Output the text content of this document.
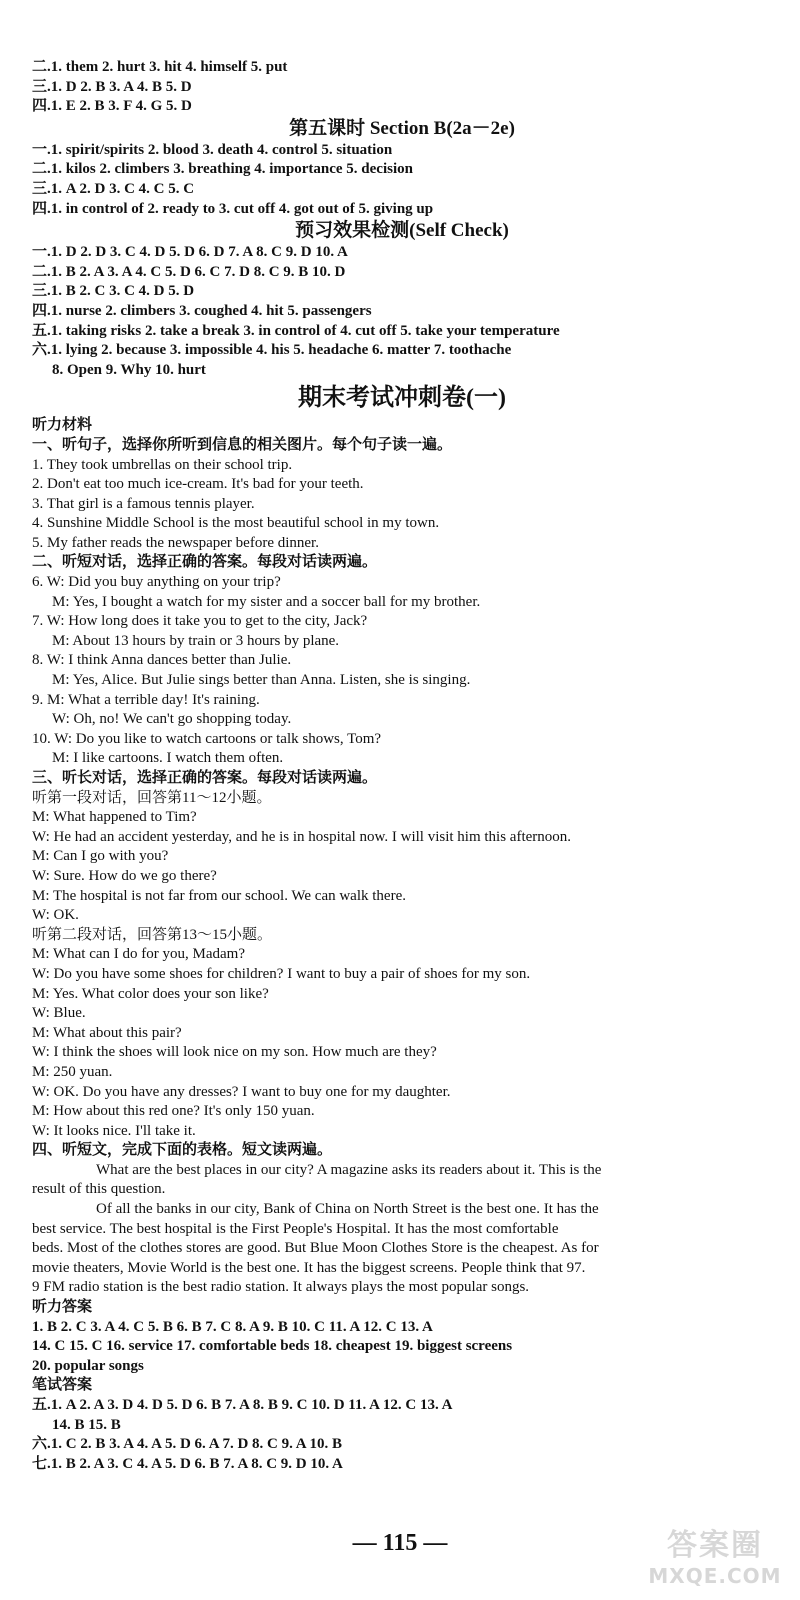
二.1. them 2. hurt 3. hit 4. himself 5. put
三.1. D 2. B 3. A 4. B 5. D
四.1. E 2. B 3. F 4. G 5. D
第五课时 Section B(2a－2e)
一.1. spirit/spirits 2. blood 3. death 4. control 5. situation
二.1. kilos 2. climbers 3. breathing 4. importance 5. decision
三.1. A 2. D 3. C 4. C 5. C
四.1. in control of 2. ready to 3. cut off 4. got out of 5. giving up
预习效果检测(Self Check)
一.1. D 2. D 3. C 4. D 5. D 6. D 7. A 8. C 9. D 10. A
二.1. B 2. A 3. A 4. C 5. D 6. C 7. D 8. C 9. B 10. D
三.1. B 2. C 3. C 4. D 5. D
四.1. nurse 2. climbers 3. coughed 4. hit 5. passengers
五.1. taking risks 2. take a break 3. in control of 4. cut off 5. take your temperature
六.1. lying 2. because 3. impossible 4. his 5. headache 6. matter 7. toothache
8. Open 9. Why 10. hurt
期末考试冲刺卷(一)
听力材料
一、听句子，选择你所听到信息的相关图片。每个句子读一遍。
1. They took umbrellas on their school trip.
2. Don't eat too much ice-cream. It's bad for your teeth.
3. That girl is a famous tennis player.
4. Sunshine Middle School is the most beautiful school in my town.
5. My father reads the newspaper before dinner.
二、听短对话，选择正确的答案。每段对话读两遍。
6. W: Did you buy anything on your trip?
M: Yes, I bought a watch for my sister and a soccer ball for my brother.
7. W: How long does it take you to get to the city, Jack?
M: About 13 hours by train or 3 hours by plane.
8. W: I think Anna dances better than Julie.
M: Yes, Alice. But Julie sings better than Anna. Listen, she is singing.
9. M: What a terrible day! It's raining.
W: Oh, no! We can't go shopping today.
10. W: Do you like to watch cartoons or talk shows, Tom?
M: I like cartoons. I watch them often.
三、听长对话，选择正确的答案。每段对话读两遍。
听第一段对话，回答第11～12小题。
M: What happened to Tim?
W: He had an accident yesterday, and he is in hospital now. I will visit him this afternoon.
M: Can I go with you?
W: Sure. How do we go there?
M: The hospital is not far from our school. We can walk there.
W: OK.
听第二段对话，回答第13～15小题。
M: What can I do for you, Madam?
W: Do you have some shoes for children? I want to buy a pair of shoes for my son.
M: Yes. What color does your son like?
W: Blue.
M: What about this pair?
W: I think the shoes will look nice on my son. How much are they?
M: 250 yuan.
W: OK. Do you have any dresses? I want to buy one for my daughter.
M: How about this red one? It's only 150 yuan.
W: It looks nice. I'll take it.
四、听短文，完成下面的表格。短文读两遍。
What are the best places in our city? A magazine asks its readers about it. This is the
result of this question.
Of all the banks in our city, Bank of China on North Street is the best one. It has the
best service. The best hospital is the First People's Hospital. It has the most comfortable
beds. Most of the clothes stores are good. But Blue Moon Clothes Store is the cheapest. As for
movie theaters, Movie World is the best one. It has the biggest screens. People think that 97.
9 FM radio station is the best radio station. It always plays the most popular songs.
听力答案
1. B 2. C 3. A 4. C 5. B 6. B 7. C 8. A 9. B 10. C 11. A 12. C 13. A
14. C 15. C 16. service 17. comfortable beds 18. cheapest 19. biggest screens
20. popular songs
笔试答案
五.1. A 2. A 3. D 4. D 5. D 6. B 7. A 8. B 9. C 10. D 11. A 12. C 13. A
14. B 15. B
六.1. C 2. B 3. A 4. A 5. D 6. A 7. D 8. C 9. A 10. B
七.1. B 2. A 3. C 4. A 5. D 6. B 7. A 8. C 9. D 10. A
— 115 —	答案圈
MXQE.COM
